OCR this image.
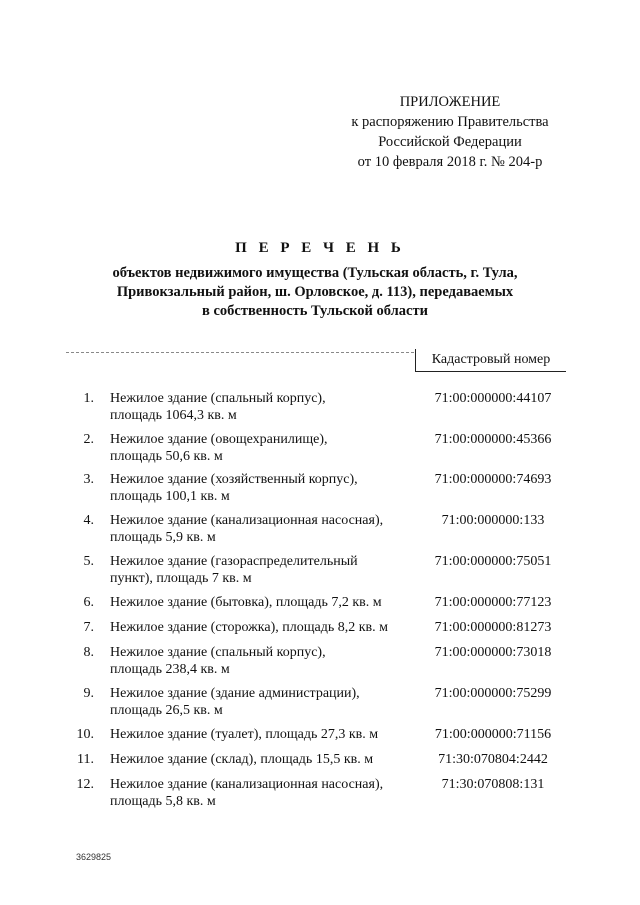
ПРИЛОЖЕНИЕ
к распоряжению Правительства
Российской Федерации
от 10 февраля 2018 г. № 204-р
П Е Р Е Ч Е Н Ь
объектов недвижимого имущества (Тульская область, г. Тула,
Привокзальный район, ш. Орловское, д. 113), передаваемых
в собственность Тульской области
Кадастровый номер
1. Нежилое здание (спальный корпус),
площадь 1064,3 кв. м
71:00:000000:44107
2. Нежилое здание (овощехранилище),
площадь 50,6 кв. м
71:00:000000:45366
3. Нежилое здание (хозяйственный корпус),
площадь 100,1 кв. м
71:00:000000:74693
4. Нежилое здание (канализационная насосная),
площадь 5,9 кв. м
71:00:000000:133
5. Нежилое здание (газораспределительный
пункт), площадь 7 кв. м
71:00:000000:75051
6. Нежилое здание (бытовка), площадь 7,2 кв. м	71:00:000000:77123
7. Нежилое здание (сторожка), площадь 8,2 кв. м	71:00:000000:81273
8. Нежилое здание (спальный корпус),
площадь 238,4 кв. м
71:00:000000:73018
9. Нежилое здание (здание администрации),
площадь 26,5 кв. м
71:00:000000:75299
10. Нежилое здание (туалет), площадь 27,3 кв. м	71:00:000000:71156
11. Нежилое здание (склад), площадь 15,5 кв. м	71:30:070804:2442
12. Нежилое здание (канализационная насосная),
площадь 5,8 кв. м
71:30:070808:131
3629825
